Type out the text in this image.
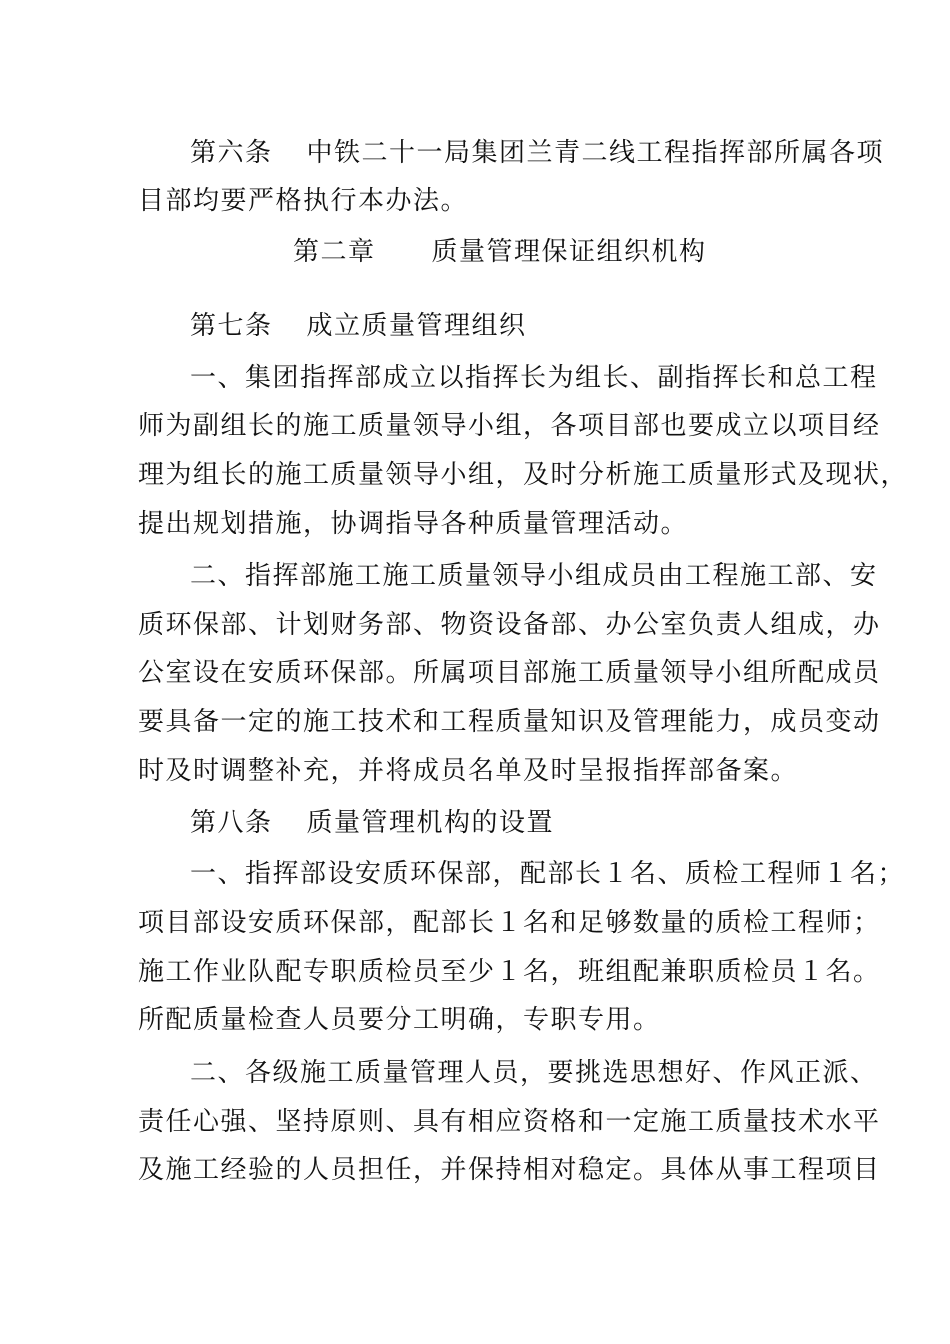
第六条 中铁二十一局集团兰青二线工程指挥部所属各项
目部均要严格执行本办法。
第二章 质量管理保证组织机构
第七条 成立质量管理组织
一、集团指挥部成立以指挥长为组长、副指挥长和总工程
师为副组长的施工质量领导小组，各项目部也要成立以项目经
理为组长的施工质量领导小组，及时分析施工质量形式及现状，
提出规划措施，协调指导各种质量管理活动。
二、指挥部施工施工质量领导小组成员由工程施工部、安
质环保部、计划财务部、物资设备部、办公室负责人组成，办
公室设在安质环保部。所属项目部施工质量领导小组所配成员
要具备一定的施工技术和工程质量知识及管理能力，成员变动
时及时调整补充，并将成员名单及时呈报指挥部备案。
第八条 质量管理机构的设置
一、指挥部设安质环保部，配部长１名、质检工程师１名；
项目部设安质环保部，配部长１名和足够数量的质检工程师；
施工作业队配专职质检员至少１名，班组配兼职质检员１名。
所配质量检查人员要分工明确，专职专用。
二、各级施工质量管理人员，要挑选思想好、作风正派、
责任心强、坚持原则、具有相应资格和一定施工质量技术水平
及施工经验的人员担任，并保持相对稳定。具体从事工程项目
